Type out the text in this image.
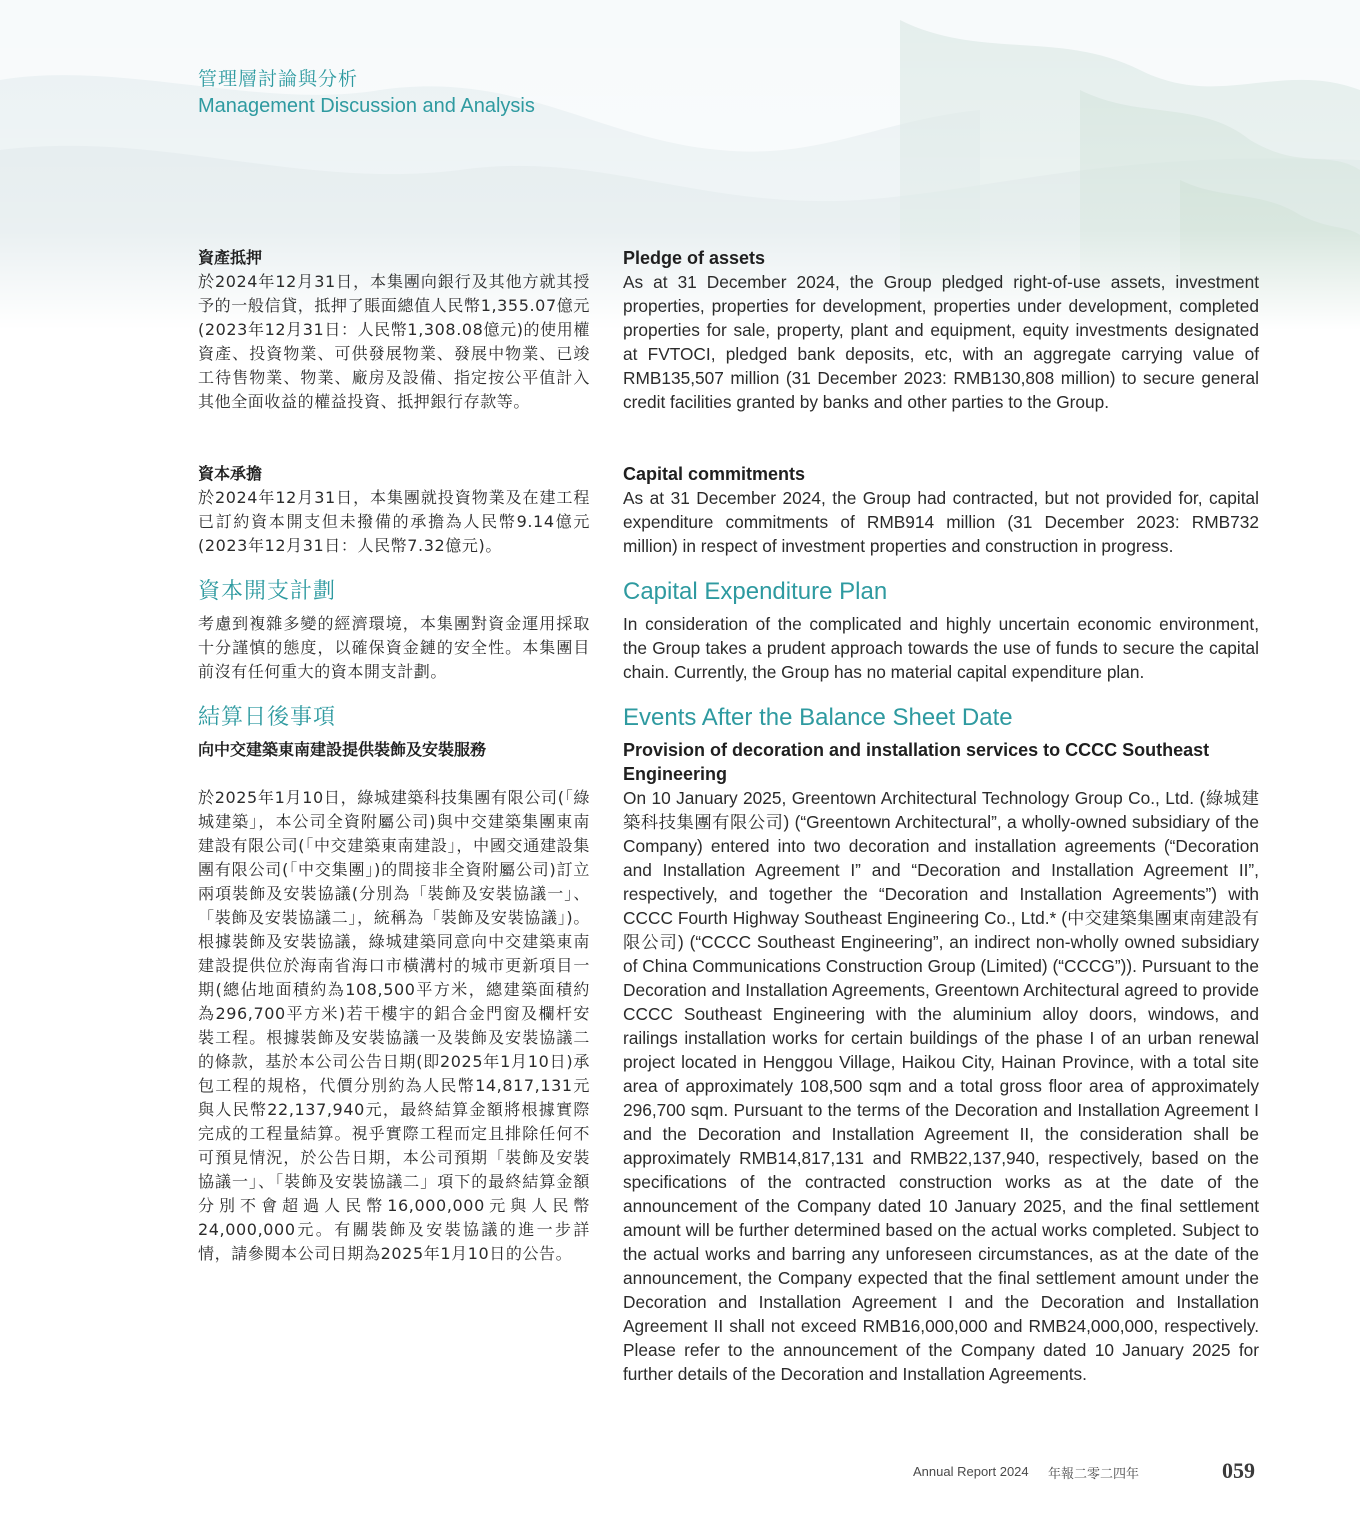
管理層討論與分析
Management Discussion and Analysis
資產抵押

於2024年12月31日，本集團向銀行及其他方就其授予的一般信貸，抵押了賬面總值人民幣1,355.07億元(2023年12月31日：人民幣1,308.08億元)的使用權資產、投資物業、可供發展物業、發展中物業、已竣工待售物業、物業、廠房及設備、指定按公平值計入其他全面收益的權益投資、抵押銀行存款等。

資本承擔

於2024年12月31日，本集團就投資物業及在建工程已訂約資本開支但未撥備的承擔為人民幣9.14億元(2023年12月31日：人民幣7.32億元)。

資本開支計劃

考慮到複雜多變的經濟環境，本集團對資金運用採取十分謹慎的態度，以確保資金鏈的安全性。本集團目前沒有任何重大的資本開支計劃。

結算日後事項
向中交建築東南建設提供裝飾及安裝服務

於2025年1月10日，綠城建築科技集團有限公司(「綠城建築」，本公司全資附屬公司)與中交建築集團東南建設有限公司(「中交建築東南建設」，中國交通建設集團有限公司(「中交集團」)的間接非全資附屬公司)訂立兩項裝飾及安裝協議(分別為「裝飾及安裝協議一」、「裝飾及安裝協議二」，統稱為「裝飾及安裝協議」)。根據裝飾及安裝協議，綠城建築同意向中交建築東南建設提供位於海南省海口市橫溝村的城市更新項目一期(總佔地面積約為108,500平方米，總建築面積約為296,700平方米)若干樓宇的鋁合金門窗及欄杆安裝工程。根據裝飾及安裝協議一及裝飾及安裝協議二的條款，基於本公司公告日期(即2025年1月10日)承包工程的規格，代價分別約為人民幣14,817,131元與人民幣22,137,940元，最終結算金額將根據實際完成的工程量結算。視乎實際工程而定且排除任何不可預見情況，於公告日期，本公司預期「裝飾及安裝協議一」、「裝飾及安裝協議二」項下的最終結算金額分別不會超過人民幣16,000,000元與人民幣24,000,000元。有關裝飾及安裝協議的進一步詳情，請參閱本公司日期為2025年1月10日的公告。

Pledge of assets

As at 31 December 2024, the Group pledged right-of-use assets, investment properties, properties for development, properties under development, completed properties for sale, property, plant and equipment, equity investments designated at FVTOCI, pledged bank deposits, etc, with an aggregate carrying value of RMB135,507 million (31 December 2023: RMB130,808 million) to secure general credit facilities granted by banks and other parties to the Group.

Capital commitments

As at 31 December 2024, the Group had contracted, but not provided for, capital expenditure commitments of RMB914 million (31 December 2023: RMB732 million) in respect of investment properties and construction in progress.

Capital Expenditure Plan

In consideration of the complicated and highly uncertain economic environment, the Group takes a prudent approach towards the use of funds to secure the capital chain. Currently, the Group has no material capital expenditure plan.

Events After the Balance Sheet Date
Provision of decoration and installation services to CCCC Southeast Engineering

On 10 January 2025, Greentown Architectural Technology Group Co., Ltd. (綠城建築科技集團有限公司) (“Greentown Architectural”, a wholly-owned subsidiary of the Company) entered into two decoration and installation agreements (“Decoration and Installation Agreement I” and “Decoration and Installation Agreement II”, respectively, and together the “Decoration and Installation Agreements”) with CCCC Fourth Highway Southeast Engineering Co., Ltd.* (中交建築集團東南建設有限公司) (“CCCC Southeast Engineering”, an indirect non-wholly owned subsidiary of China Communications Construction Group (Limited) (“CCCG”)). Pursuant to the Decoration and Installation Agreements, Greentown Architectural agreed to provide CCCC Southeast Engineering with the aluminium alloy doors, windows, and railings installation works for certain buildings of the phase I of an urban renewal project located in Henggou Village, Haikou City, Hainan Province, with a total site area of approximately 108,500 sqm and a total gross floor area of approximately 296,700 sqm. Pursuant to the terms of the Decoration and Installation Agreement I and the Decoration and Installation Agreement II, the consideration shall be approximately RMB14,817,131 and RMB22,137,940, respectively, based on the specifications of the contracted construction works as at the date of the announcement of the Company dated 10 January 2025, and the final settlement amount will be further determined based on the actual works completed. Subject to the actual works and barring any unforeseen circumstances, as at the date of the announcement, the Company expected that the final settlement amount under the Decoration and Installation Agreement I and the Decoration and Installation Agreement II shall not exceed RMB16,000,000 and RMB24,000,000, respectively. Please refer to the announcement of the Company dated 10 January 2025 for further details of the Decoration and Installation Agreements.

Annual Report 2024 年報二零二四年	059
